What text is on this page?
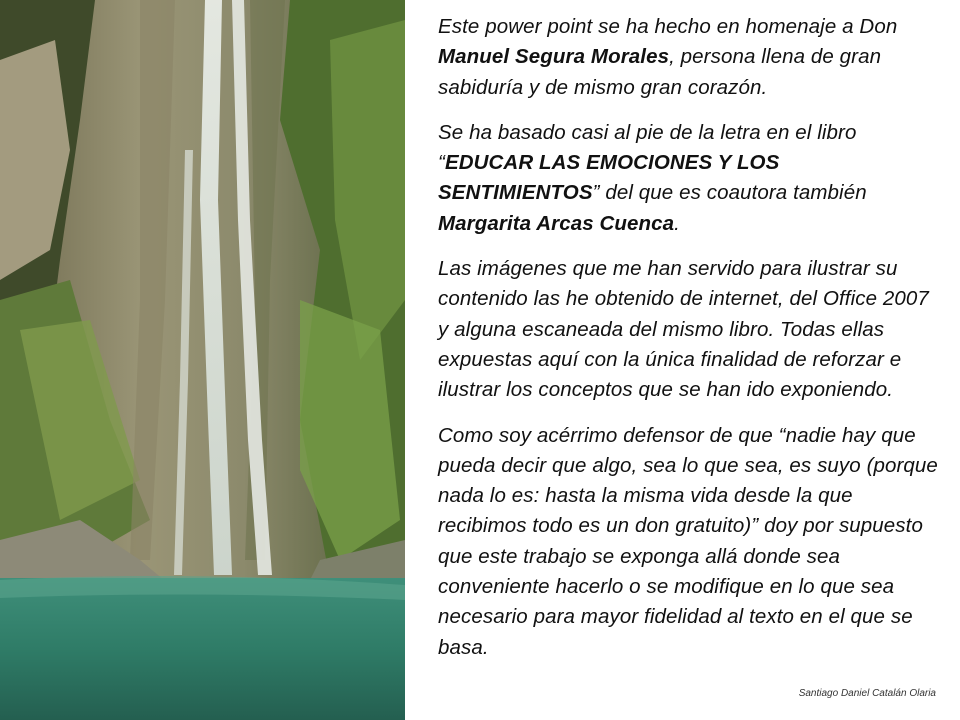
Este power point se ha hecho en homenaje a Don Manuel Segura Morales, persona llena de gran sabiduría y de mismo gran corazón.

Se ha basado casi al pie de la letra en el libro “EDUCAR LAS EMOCIONES Y LOS SENTIMIENTOS” del que es coautora también Margarita Arcas Cuenca.

Las imágenes que me han servido para ilustrar su contenido las he obtenido de internet, del Office 2007 y alguna escaneada del mismo libro. Todas ellas expuestas aquí con la única finalidad de reforzar e ilustrar los conceptos que se han ido exponiendo.

Como soy acérrimo defensor de que “nadie hay que pueda decir que algo, sea lo que sea, es suyo (porque nada lo es: hasta la misma vida desde la que recibimos todo es un don gratuito)” doy por supuesto que este trabajo se exponga allá donde sea conveniente hacerlo o se modifique en lo que sea necesario para mayor fidelidad al texto en el que se basa.

Santiago Daniel Catalán Olaria
